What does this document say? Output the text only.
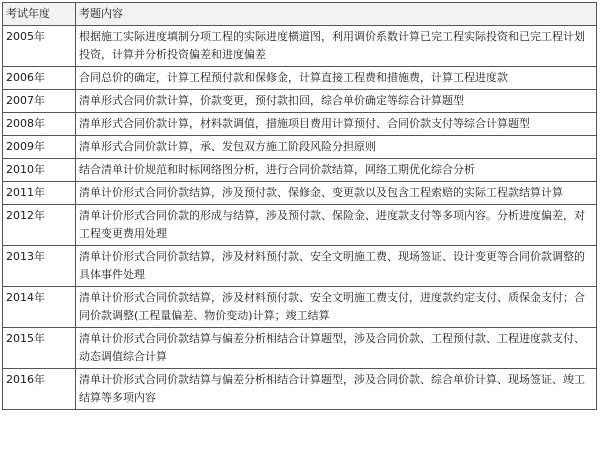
考试年度	考题内容
2005年	根据施工实际进度填制分项工程的实际进度横道图，利用调价系数计算已完工程实际投资和已完工程计划投资，计算并分析投资偏差和进度偏差
2006年	合同总价的确定，计算工程预付款和保修金，计算直接工程费和措施费，计算工程进度款
2007年	清单形式合同价款计算，价款变更，预付款扣回，综合单价确定等综合计算题型
2008年	清单形式合同价款计算，材料款调值，措施项目费用计算预付、合同价款支付等综合计算题型
2009年	清单形式合同价款计算，承、发包双方施工阶段风险分担原则
2010年	结合清单计价规范和时标网络图分析，进行合同价款结算，网络工期优化综合分析
2011年	清单计价形式合同价款结算，涉及预付款、保修金、变更款以及包含工程索赔的实际工程款结算计算
2012年	清单计价形式合同价款的形成与结算，涉及预付款、保险金、进度款支付等多项内容。分析进度偏差，对工程变更费用处理
2013年	清单计价形式合同价款结算，涉及材料预付款、安全文明施工费、现场签证、设计变更等合同价款调整的具体事件处理
2014年	清单计价形式合同价款结算，涉及材料预付款、安全文明施工费支付，进度款约定支付、质保金支付；合同价款调整(工程量偏差、物价变动)计算；竣工结算
2015年	清单计价形式合同价款结算与偏差分析相结合计算题型，涉及合同价款、工程预付款、工程进度款支付、动态调值综合计算
2016年	清单计价形式合同价款结算与偏差分析相结合计算题型，涉及合同价款、综合单价计算、现场签证、竣工结算等多项内容
